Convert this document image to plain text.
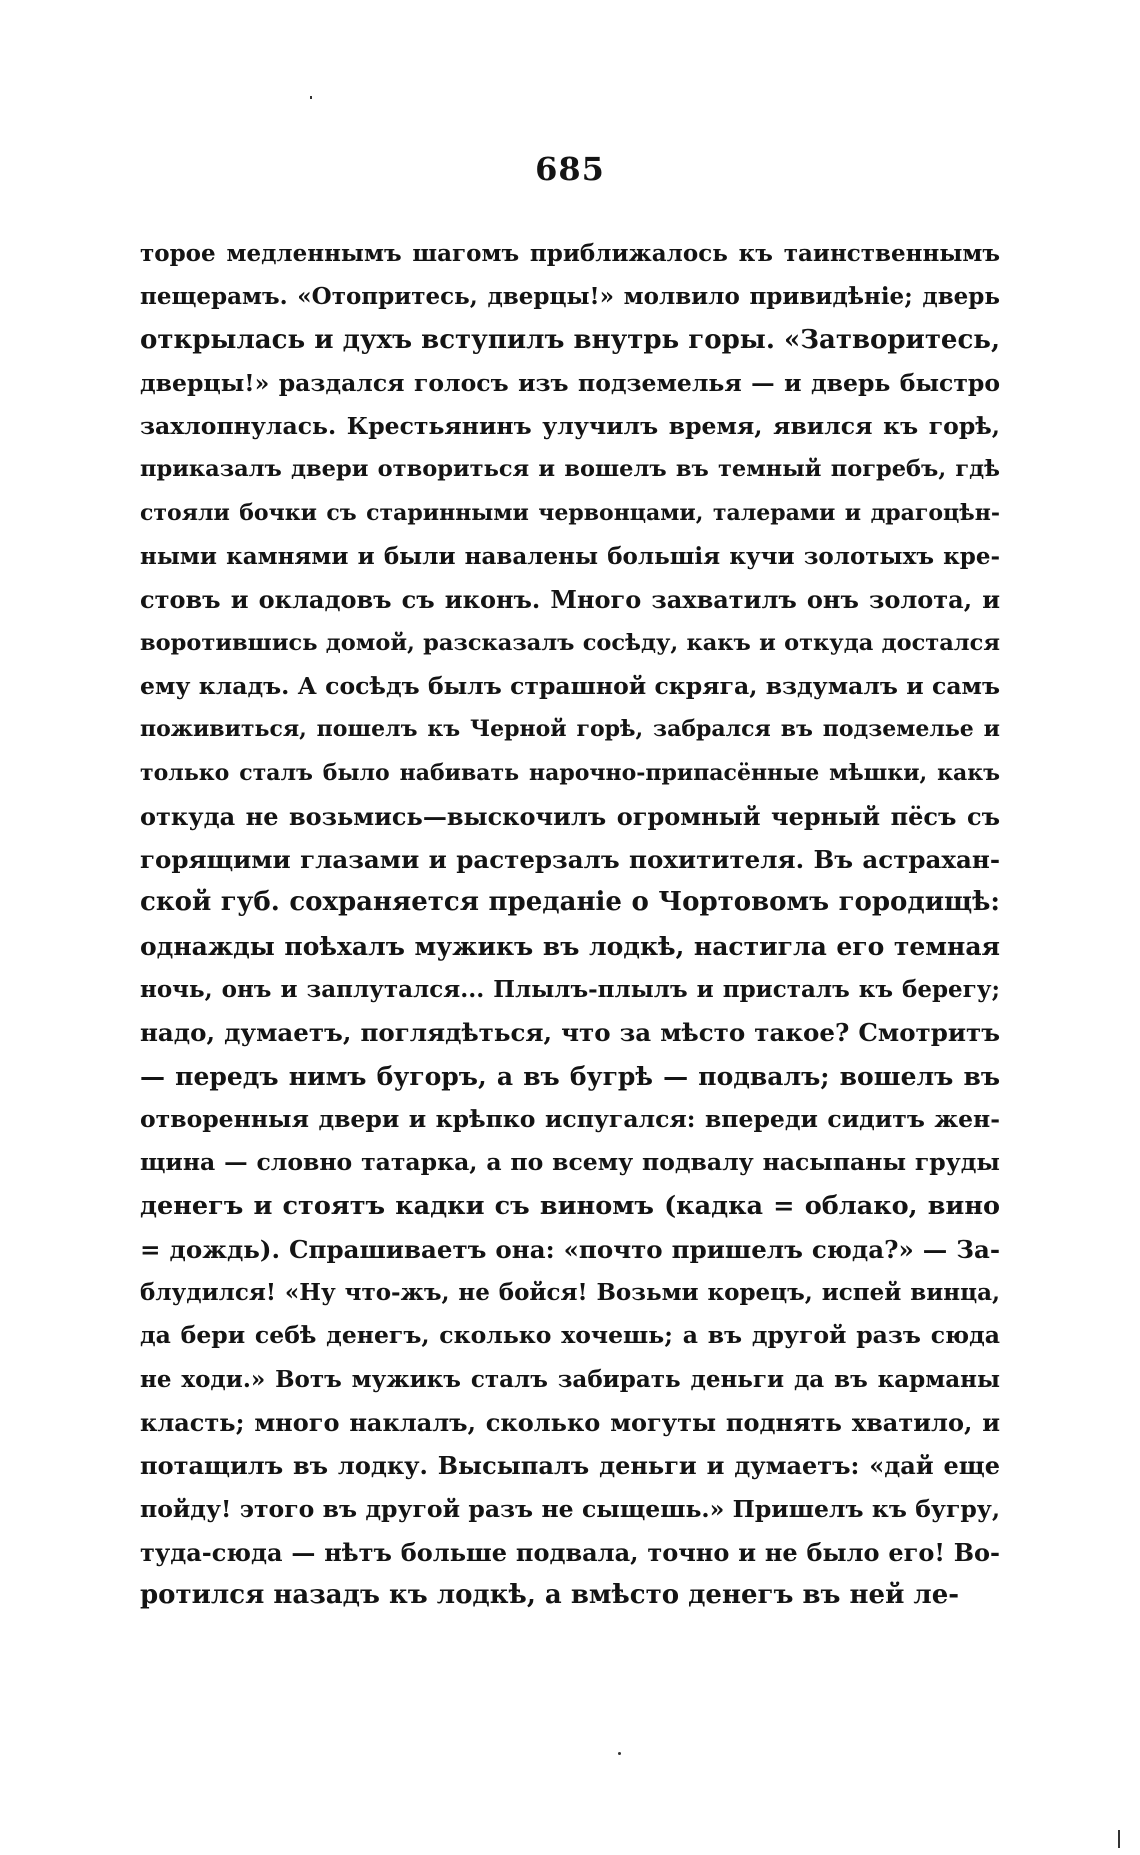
685
торое медленнымъ шагомъ приближалось къ таинственнымъ
пещерамъ. «Отопритесь, дверцы!» молвило привидѣніе; дверь
открылась и духъ вступилъ внутрь горы. «Затворитесь,
дверцы!» раздался голосъ изъ подземелья — и дверь быстро
захлопнулась. Крестьянинъ улучилъ время, явился къ горѣ,
приказалъ двери отвориться и вошелъ въ темный погребъ, гдѣ
стояли бочки съ старинными червонцами, талерами и драгоцѣн-
ными камнями и были навалены большія кучи золотыхъ кре-
стовъ и окладовъ съ иконъ. Много захватилъ онъ золота, и
воротившись домой, разсказалъ сосѣду, какъ и откуда достался
ему кладъ. А сосѣдъ былъ страшной скряга, вздумалъ и самъ
поживиться, пошелъ къ Черной горѣ, забрался въ подземелье и
только сталъ было набивать нарочно-припасённые мѣшки, какъ
откуда не возьмись—выскочилъ огромный черный пёсъ съ
горящими глазами и растерзалъ похитителя. Въ астрахан-
ской губ. сохраняется преданіе о Чортовомъ городищѣ:
однажды поѣхалъ мужикъ въ лодкѣ, настигла его темная
ночь, онъ и заплутался... Плылъ-плылъ и присталъ къ берегу;
надо, думаетъ, поглядѣться, что за мѣсто такое? Смотритъ
— передъ нимъ бугоръ, а въ бугрѣ — подвалъ; вошелъ въ
отворенныя двери и крѣпко испугался: впереди сидитъ жен-
щина — словно татарка, а по всему подвалу насыпаны груды
денегъ и стоятъ кадки съ виномъ (кадка = облако, вино
= дождь). Спрашиваетъ она: «почто пришелъ сюда?» — За-
блудился! «Ну что-жъ, не бойся! Возьми корецъ, испей винца,
да бери себѣ денегъ, сколько хочешь; а въ другой разъ сюда
не ходи.» Вотъ мужикъ сталъ забирать деньги да въ карманы
класть; много наклалъ, сколько могуты поднять хватило, и
потащилъ въ лодку. Высыпалъ деньги и думаетъ: «дай еще
пойду! этого въ другой разъ не сыщешь.» Пришелъ къ бугру,
туда-сюда — нѣтъ больше подвала, точно и не было его! Во-
ротился назадъ къ лодкѣ, а вмѣсто денегъ въ ней ле-
